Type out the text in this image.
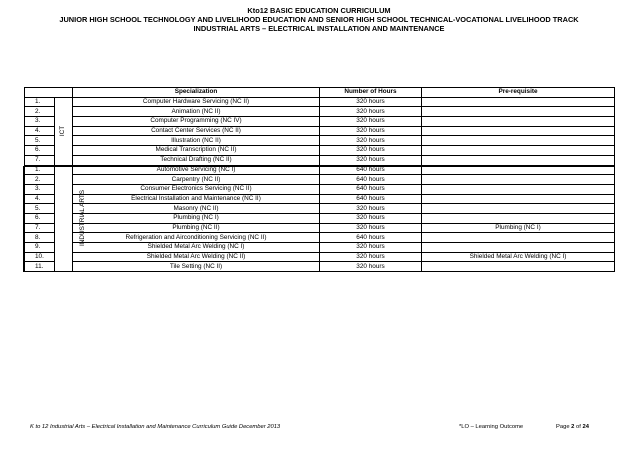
Kto12 BASIC EDUCATION CURRICULUM
JUNIOR HIGH SCHOOL TECHNOLOGY AND LIVELIHOOD EDUCATION AND SENIOR HIGH SCHOOL TECHNICAL-VOCATIONAL LIVELIHOOD TRACK
INDUSTRIAL ARTS – ELECTRICAL INSTALLATION AND MAINTENANCE
		Specialization	Number of Hours	Pre-requisite
1.	ICT	Computer Hardware Servicing (NC II)	320 hours	
2.		Animation (NC II)	320 hours	
3.		Computer Programming (NC IV)	320 hours	
4.		Contact Center Services (NC II)	320 hours	
5.		Illustration (NC II)	320 hours	
6.		Medical Transcription (NC II)	320 hours	
7.		Technical Drafting (NC II)	320 hours	
1.	INDUSTRIAL ARTS	Automotive Servicing (NC I)	640 hours	
2.		Carpentry (NC II)	640 hours	
3.		Consumer Electronics Servicing (NC II)	640 hours	
4.		Electrical Installation and Maintenance (NC II)	640 hours	
5.		Masonry (NC II)	320 hours	
6.		Plumbing (NC I)	320 hours	
7.		Plumbing (NC II)	320 hours	Plumbing (NC I)
8.		Refrigeration and Airconditioning Servicing (NC II)	640 hours	
9.		Shielded Metal Arc Welding (NC I)	320 hours	
10.		Shielded Metal Arc Welding (NC II)	320 hours	Shielded Metal Arc Welding (NC I)
11.		Tile Setting (NC II)	320 hours	
K to 12 Industrial Arts – Electrical Installation and Maintenance Curriculum Guide December 2013	*LO – Learning Outcome	Page 2 of 24
